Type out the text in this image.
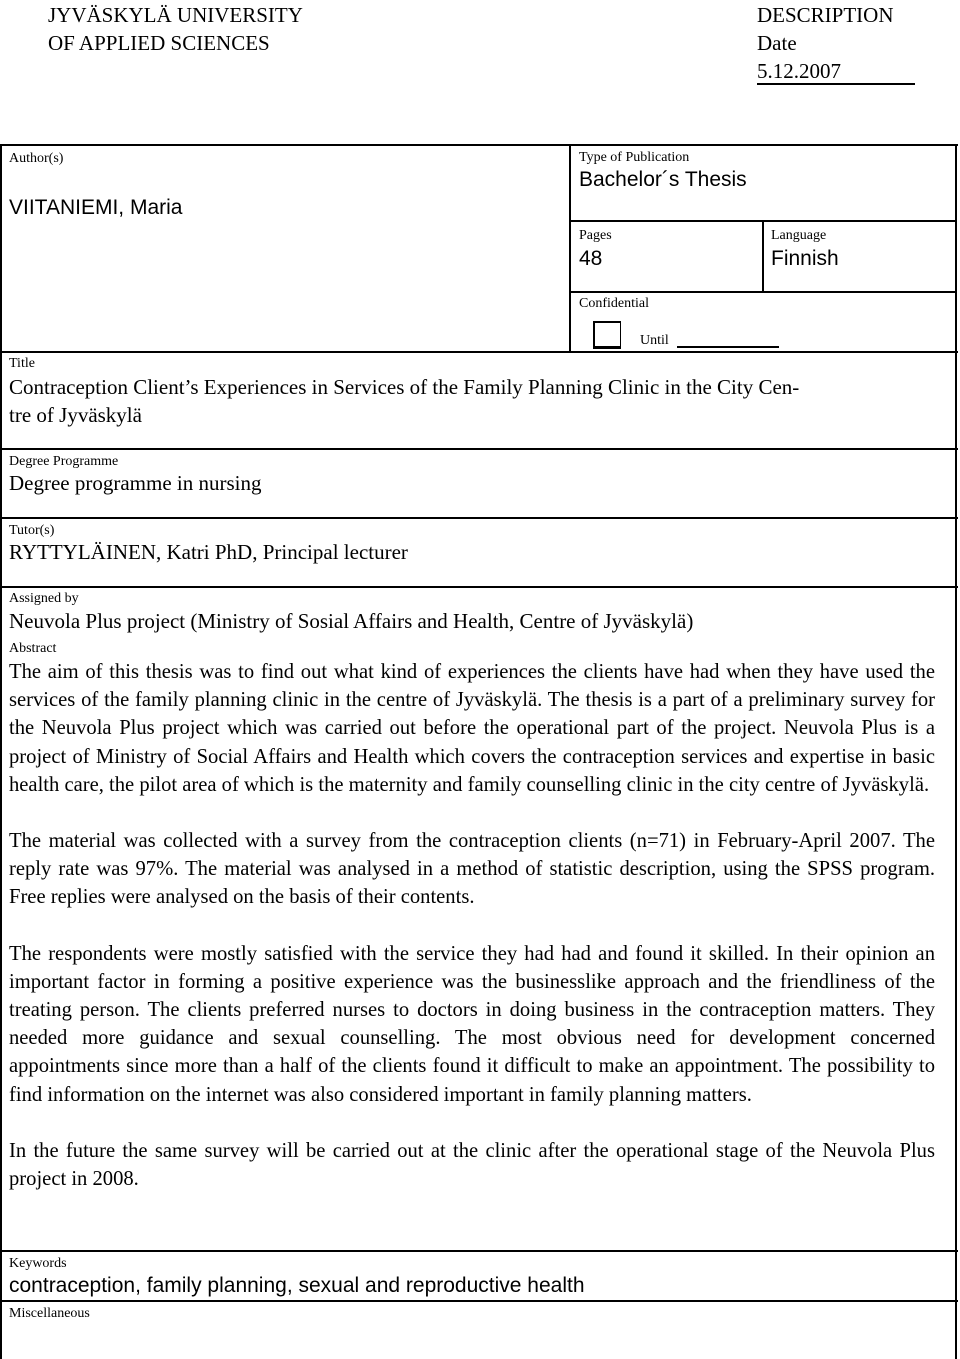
JYVÄSKYLÄ UNIVERSITY
OF APPLIED SCIENCES
DESCRIPTION
Date
5.12.2007
Author(s)
VIITANIEMI, Maria
Type of Publication
Bachelor´s Thesis
Pages
48
Language
Finnish
Confidential
Until
Title
Contraception Client’s Experiences in Services of the Family Planning Clinic in the City Cen-
tre of Jyväskylä
Degree Programme
Degree programme in nursing
Tutor(s)
RYTTYLÄINEN, Katri PhD, Principal lecturer
Assigned by
Neuvola Plus project (Ministry of Sosial Affairs and Health, Centre of Jyväskylä)
Abstract

The aim of this thesis was to find out what kind of experiences the clients have had when they have used the services of the family planning clinic in the centre of Jyväskylä. The thesis is a part of a preliminary survey for the Neuvola Plus project which was carried out before the operational part of the project. Neuvola Plus is a project of Ministry of Social Affairs and Health which covers the contraception services and expertise in basic health care, the pilot area of which is the maternity and family counselling clinic in the city centre of Jyväskylä.

The material was collected with a survey from the contraception clients (n=71) in February-April 2007. The reply rate was 97%. The material was analysed in a method of statistic description, using the SPSS program. Free replies were analysed on the basis of their contents.

The respondents were mostly satisfied with the service they had had and found it skilled. In their opinion an important factor in forming a positive experience was the businesslike approach and the friendliness of the treating person. The clients preferred nurses to doctors in doing business in the contraception matters. They needed more guidance and sexual counselling. The most obvious need for development concerned appointments since more than a half of the clients found it difficult to make an appointment. The possibility to find information on the internet was also considered important in family planning matters.

In the future the same survey will be carried out at the clinic after the operational stage of the Neuvola Plus project in 2008.

Keywords
contraception, family planning, sexual and reproductive health
Miscellaneous
